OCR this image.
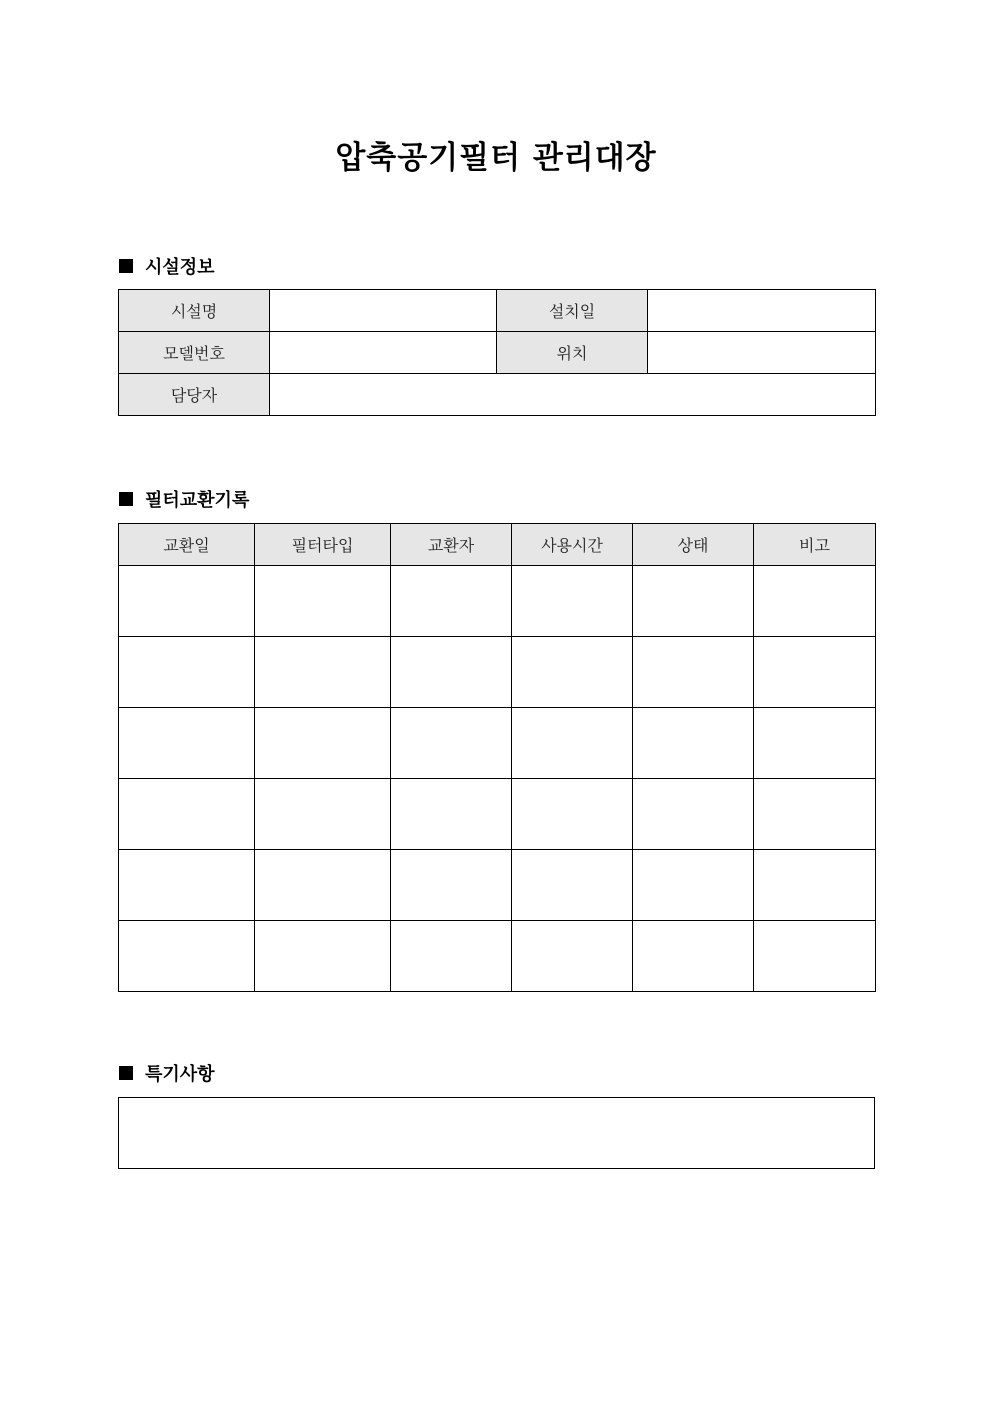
압축공기필터 관리대장
시설정보
시설명		설치일	
모델번호		위치	
담당자			
필터교환기록
교환일	필터타입	교환자	사용시간	상태	비고

특기사항
